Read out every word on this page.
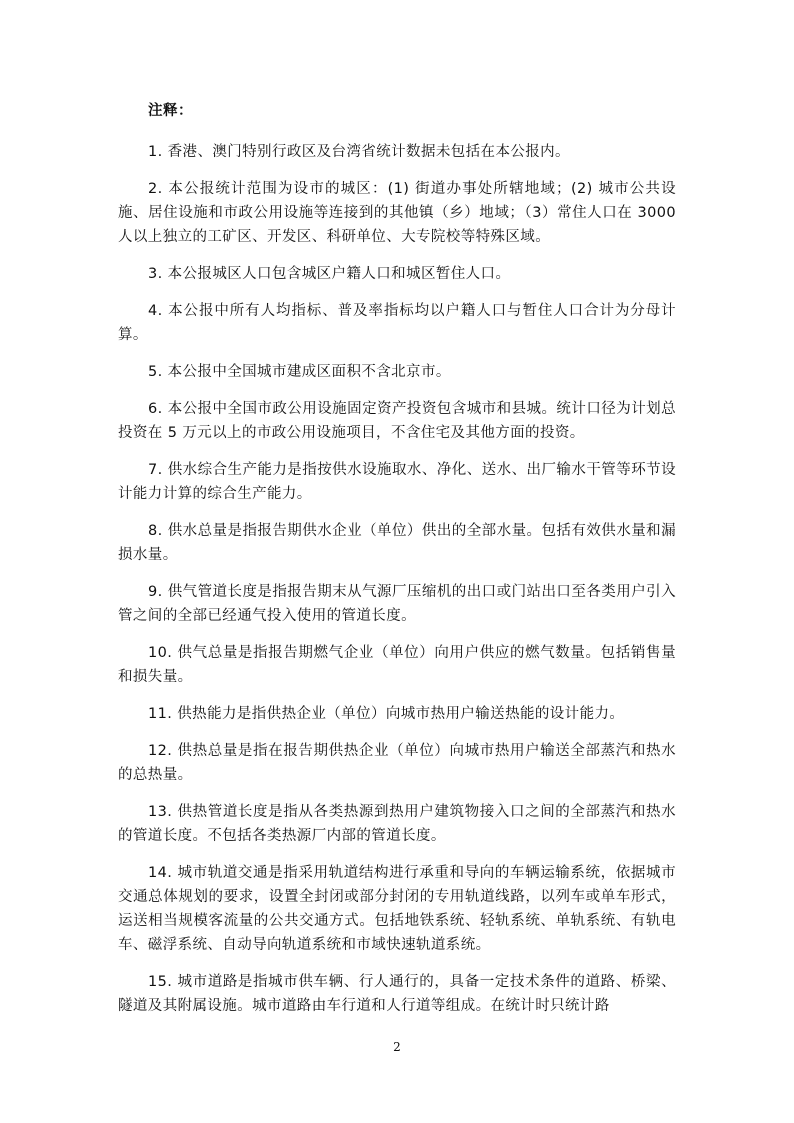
注释：

1. 香港、澳门特别行政区及台湾省统计数据未包括在本公报内。

2. 本公报统计范围为设市的城区：(1) 街道办事处所辖地域；(2) 城市公共设施、居住设施和市政公用设施等连接到的其他镇（乡）地域；（3）常住人口在 3000 人以上独立的工矿区、开发区、科研单位、大专院校等特殊区域。

3. 本公报城区人口包含城区户籍人口和城区暂住人口。

4. 本公报中所有人均指标、普及率指标均以户籍人口与暂住人口合计为分母计算。

5. 本公报中全国城市建成区面积不含北京市。

6. 本公报中全国市政公用设施固定资产投资包含城市和县城。统计口径为计划总投资在 5 万元以上的市政公用设施项目，不含住宅及其他方面的投资。

7. 供水综合生产能力是指按供水设施取水、净化、送水、出厂输水干管等环节设计能力计算的综合生产能力。

8. 供水总量是指报告期供水企业（单位）供出的全部水量。包括有效供水量和漏损水量。

9. 供气管道长度是指报告期末从气源厂压缩机的出口或门站出口至各类用户引入管之间的全部已经通气投入使用的管道长度。

10. 供气总量是指报告期燃气企业（单位）向用户供应的燃气数量。包括销售量和损失量。

11. 供热能力是指供热企业（单位）向城市热用户输送热能的设计能力。

12. 供热总量是指在报告期供热企业（单位）向城市热用户输送全部蒸汽和热水的总热量。

13. 供热管道长度是指从各类热源到热用户建筑物接入口之间的全部蒸汽和热水的管道长度。不包括各类热源厂内部的管道长度。

14. 城市轨道交通是指采用轨道结构进行承重和导向的车辆运输系统，依据城市交通总体规划的要求，设置全封闭或部分封闭的专用轨道线路，以列车或单车形式，运送相当规模客流量的公共交通方式。包括地铁系统、轻轨系统、单轨系统、有轨电车、磁浮系统、自动导向轨道系统和市域快速轨道系统。

15. 城市道路是指城市供车辆、行人通行的，具备一定技术条件的道路、桥梁、隧道及其附属设施。城市道路由车行道和人行道等组成。在统计时只统计路

2
